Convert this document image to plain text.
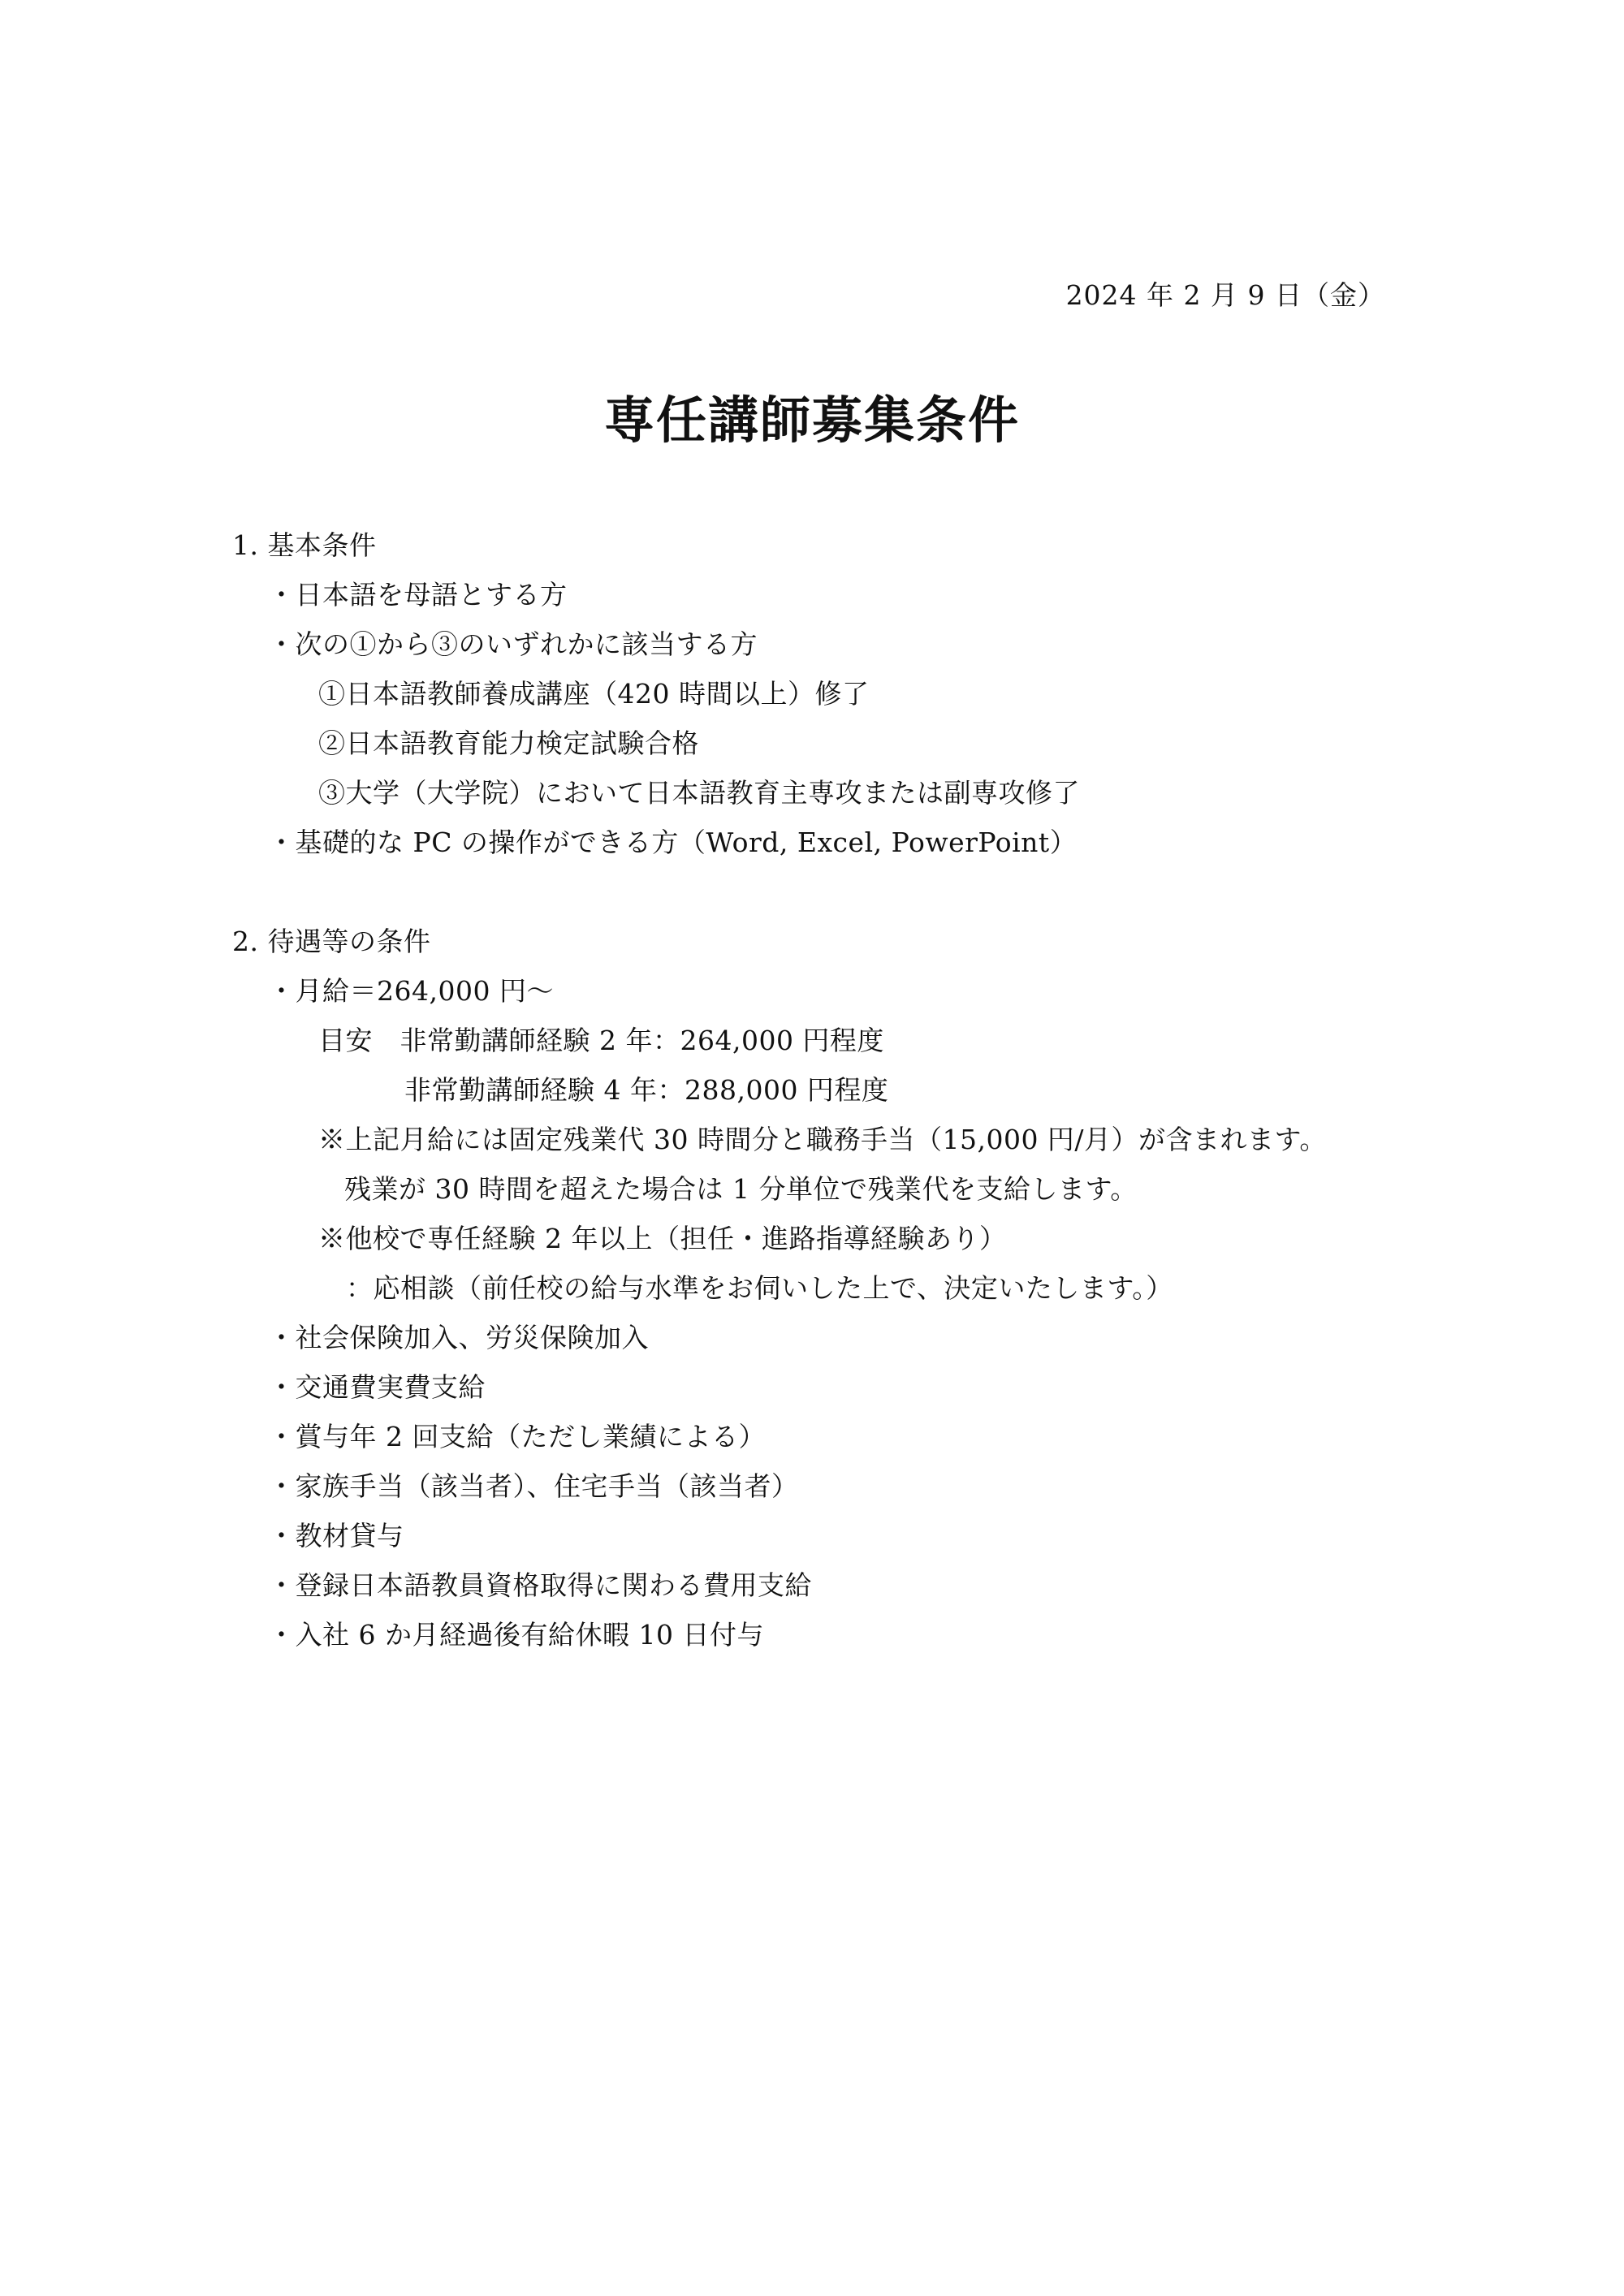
2024 年 2 月 9 日（金）
専任講師募集条件
1. 基本条件
・日本語を母語とする方
・次の①から③のいずれかに該当する方
①日本語教師養成講座（420 時間以上）修了
②日本語教育能力検定試験合格
③大学（大学院）において日本語教育主専攻または副専攻修了
・基礎的な PC の操作ができる方（Word, Excel, PowerPoint）
2. 待遇等の条件
・月給＝264,000 円～
目安　非常勤講師経験 2 年：264,000 円程度
非常勤講師経験 4 年：288,000 円程度
※上記月給には固定残業代 30 時間分と職務手当（15,000 円/月）が含まれます。
残業が 30 時間を超えた場合は 1 分単位で残業代を支給します。
※他校で専任経験 2 年以上（担任・進路指導経験あり）
：応相談（前任校の給与水準をお伺いした上で、決定いたします。）
・社会保険加入、労災保険加入
・交通費実費支給
・賞与年 2 回支給（ただし業績による）
・家族手当（該当者）、住宅手当（該当者）
・教材貸与
・登録日本語教員資格取得に関わる費用支給
・入社 6 か月経過後有給休暇 10 日付与
